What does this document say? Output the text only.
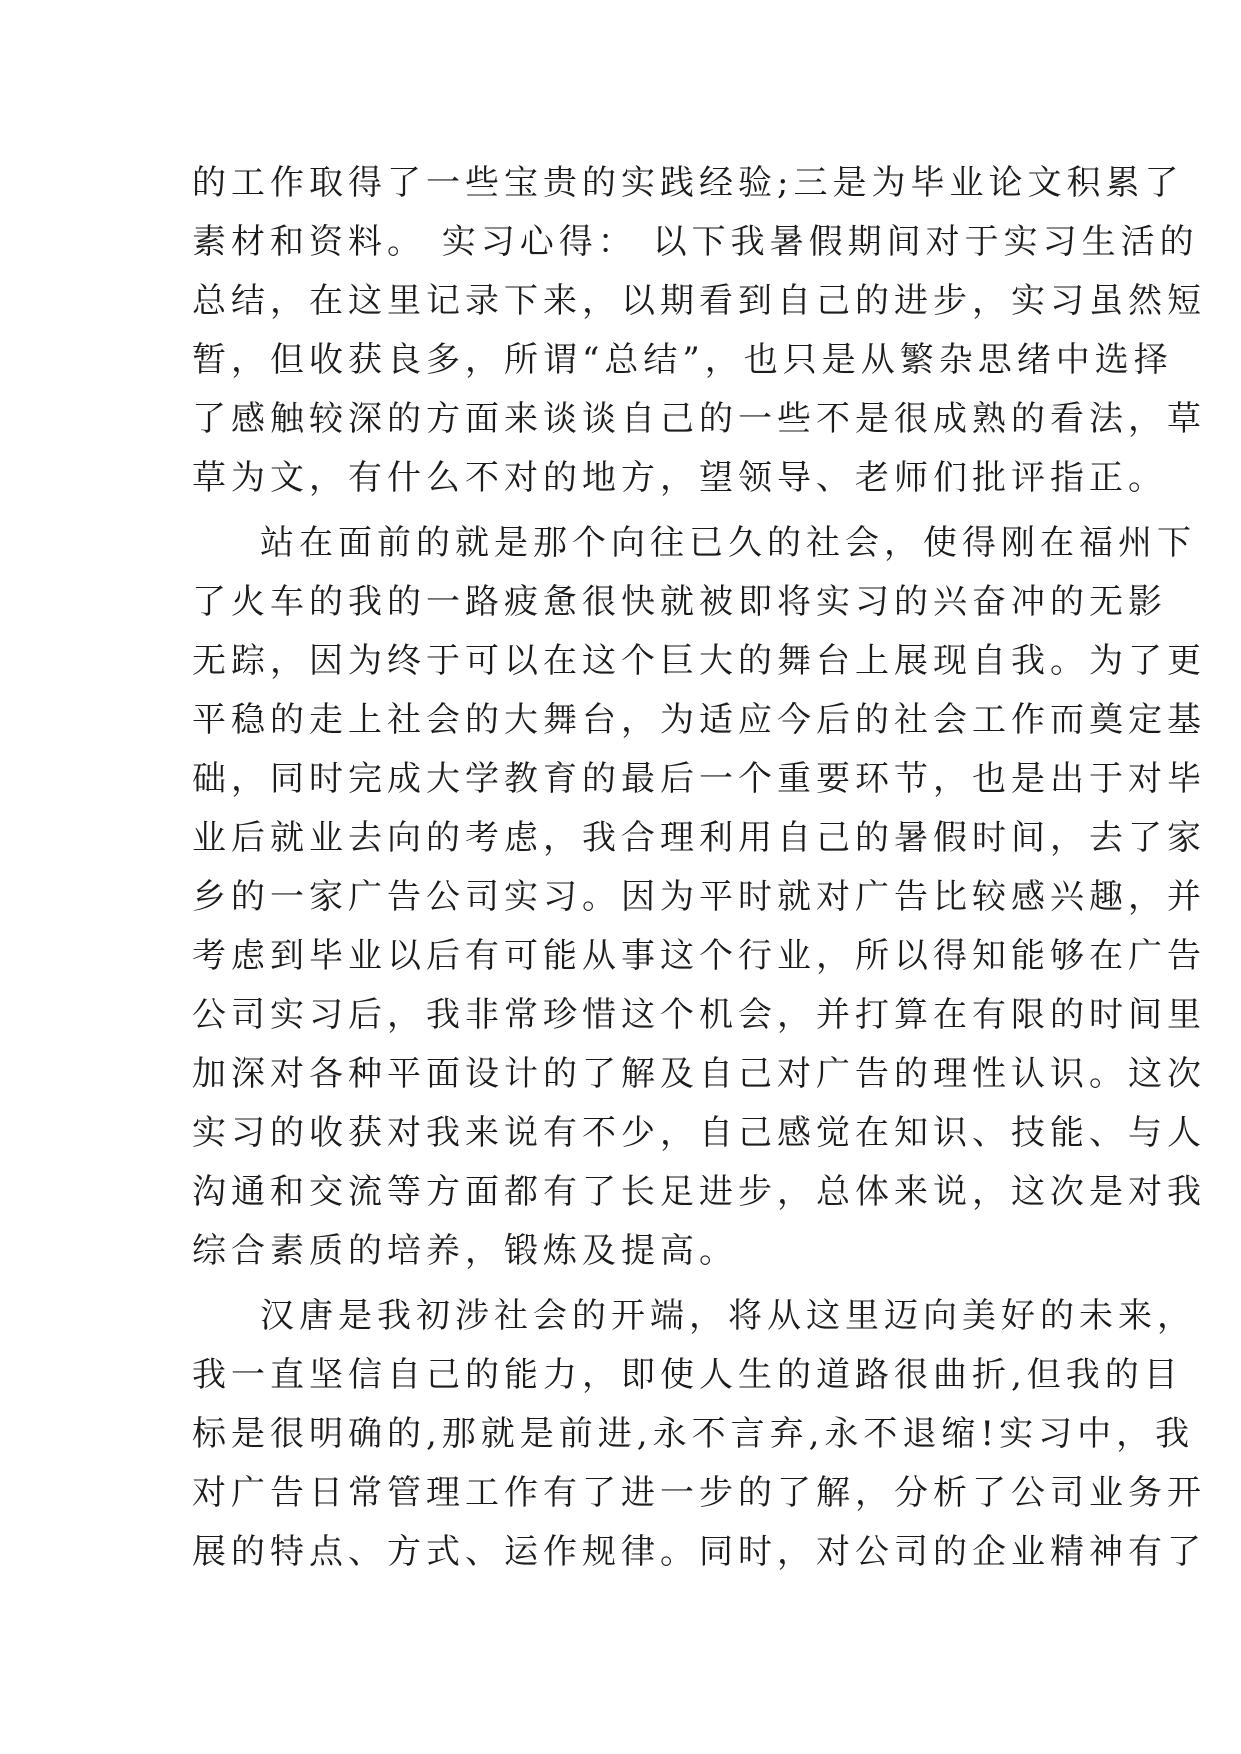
的工作取得了一些宝贵的实践经验;三是为毕业论文积累了
素材和资料。 实习心得： 以下我暑假期间对于实习生活的
总结，在这里记录下来，以期看到自己的进步，实习虽然短
暂，但收获良多，所谓“总结”，也只是从繁杂思绪中选择
了感触较深的方面来谈谈自己的一些不是很成熟的看法，草
草为文，有什么不对的地方，望领导、老师们批评指正。
站在面前的就是那个向往已久的社会，使得刚在福州下
了火车的我的一路疲惫很快就被即将实习的兴奋冲的无影
无踪，因为终于可以在这个巨大的舞台上展现自我。为了更
平稳的走上社会的大舞台，为适应今后的社会工作而奠定基
础，同时完成大学教育的最后一个重要环节，也是出于对毕
业后就业去向的考虑，我合理利用自己的暑假时间，去了家
乡的一家广告公司实习。因为平时就对广告比较感兴趣，并
考虑到毕业以后有可能从事这个行业，所以得知能够在广告
公司实习后，我非常珍惜这个机会，并打算在有限的时间里
加深对各种平面设计的了解及自己对广告的理性认识。这次
实习的收获对我来说有不少，自己感觉在知识、技能、与人
沟通和交流等方面都有了长足进步，总体来说，这次是对我
综合素质的培养，锻炼及提高。
汉唐是我初涉社会的开端，将从这里迈向美好的未来，
我一直坚信自己的能力，即使人生的道路很曲折,但我的目
标是很明确的,那就是前进,永不言弃,永不退缩!实习中，我
对广告日常管理工作有了进一步的了解，分析了公司业务开
展的特点、方式、运作规律。同时，对公司的企业精神有了
